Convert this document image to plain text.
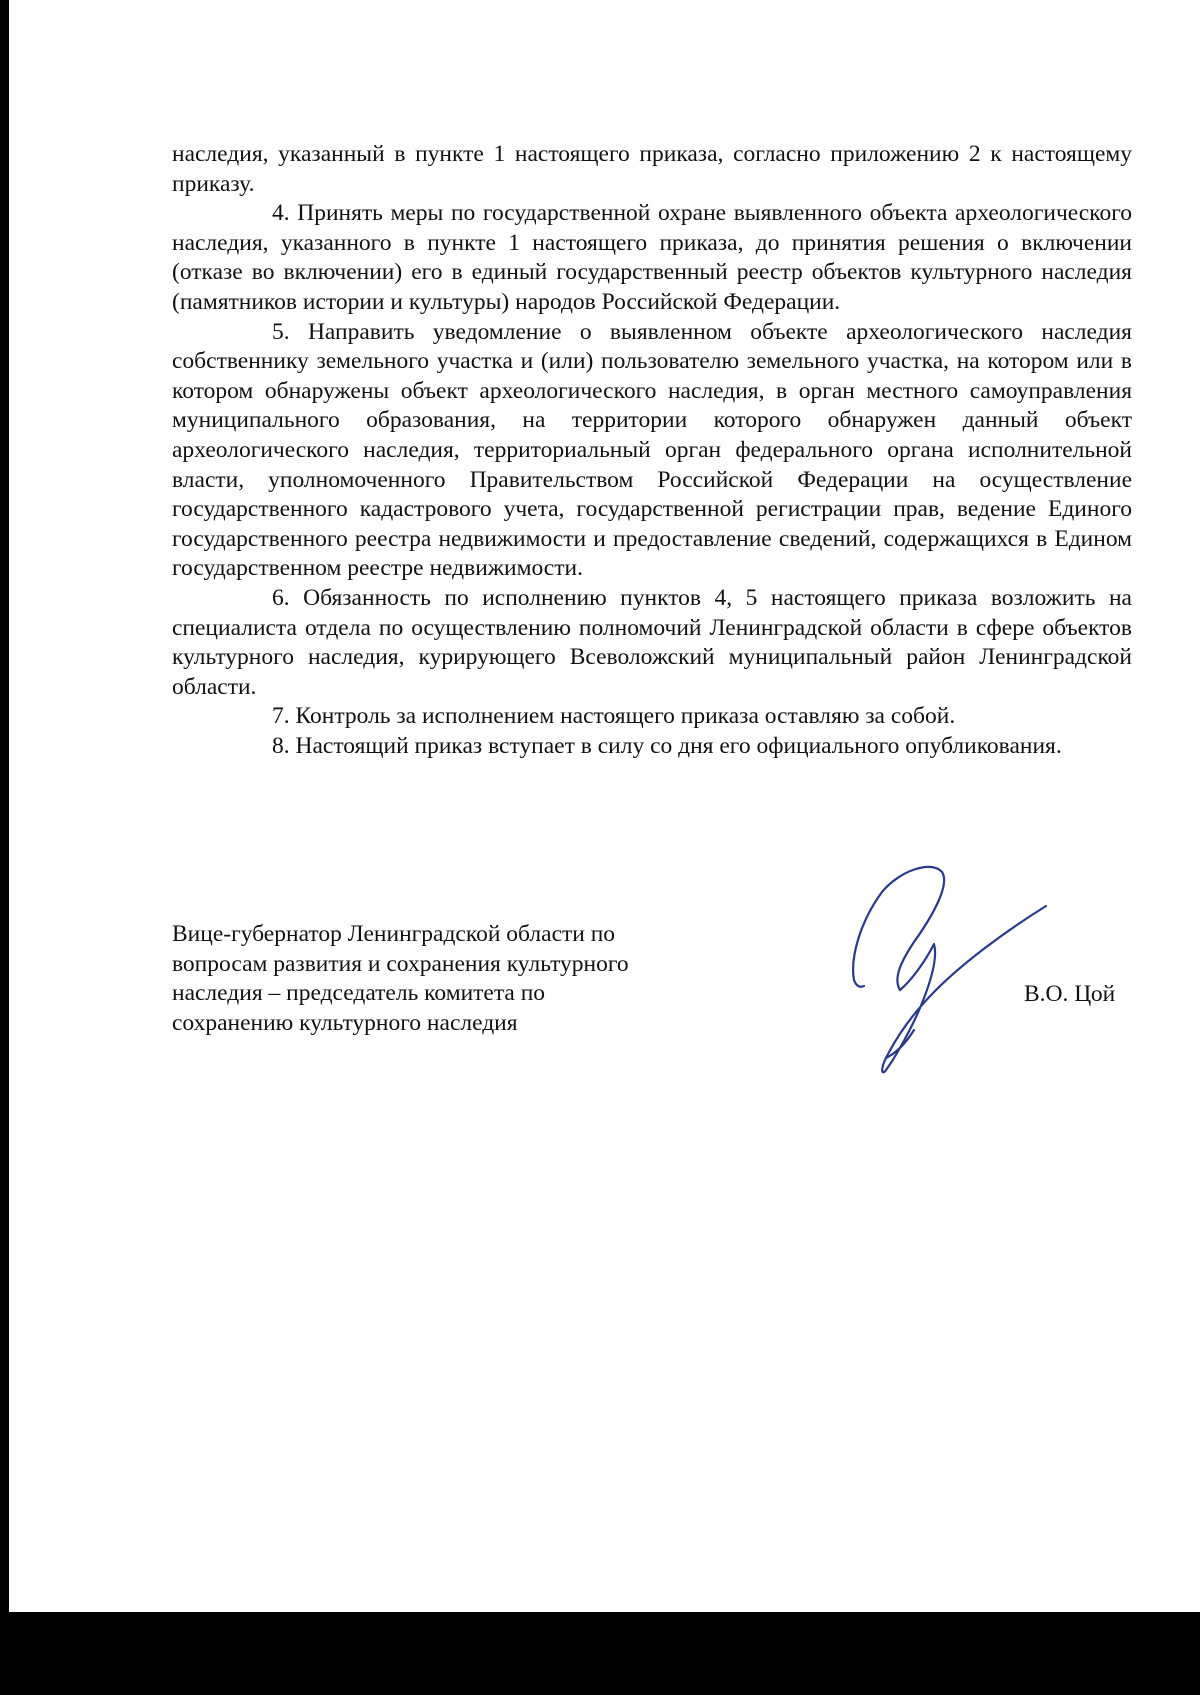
наследия, указанный в пункте 1 настоящего приказа, согласно приложению 2 к настоящему приказу.

4. Принять меры по государственной охране выявленного объекта археологического наследия, указанного в пункте 1 настоящего приказа, до принятия решения о включении (отказе во включении) его в единый государственный реестр объектов культурного наследия (памятников истории и культуры) народов Российской Федерации.

5. Направить уведомление о выявленном объекте археологического наследия собственнику земельного участка и (или) пользователю земельного участка, на котором или в котором обнаружены объект археологического наследия, в орган местного самоуправления муниципального образования, на территории которого обнаружен данный объект археологического наследия, территориальный орган федерального органа исполнительной власти, уполномоченного Правительством Российской Федерации на осуществление государственного кадастрового учета, государственной регистрации прав, ведение Единого государственного реестра недвижимости и предоставление сведений, содержащихся в Едином государственном реестре недвижимости.

6. Обязанность по исполнению пунктов 4, 5 настоящего приказа возложить на специалиста отдела по осуществлению полномочий Ленинградской области в сфере объектов культурного наследия, курирующего Всеволожский муниципальный район Ленинградской области.

7. Контроль за исполнением настоящего приказа оставляю за собой.

8. Настоящий приказ вступает в силу со дня его официального опубликования.

Вице-губернатор Ленинградской области по
вопросам развития и сохранения культурного
наследия – председатель комитета по
сохранению культурного наследия
В.О. Цой
